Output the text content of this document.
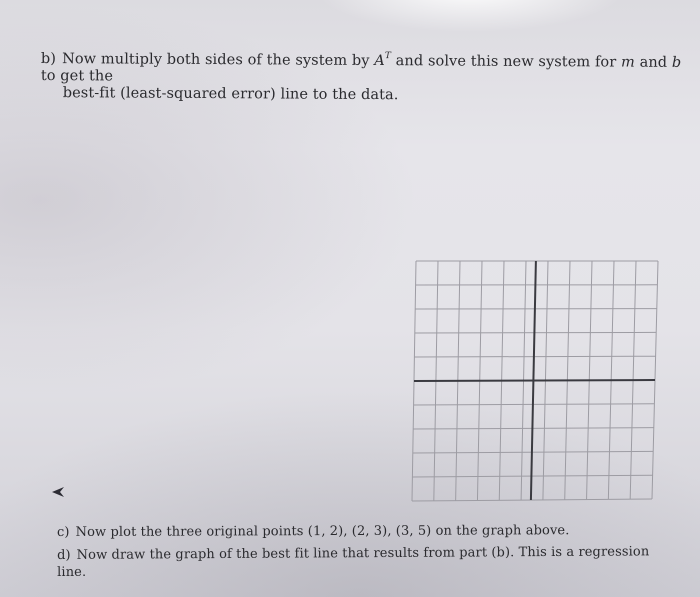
b) Now multiply both sides of the system by $A^T$ and solve this new system for m and b to get the
best-fit (least-squared error) line to the data.
c) Now plot the three original points (1, 2), (2, 3), (3, 5) on the graph above.
d) Now draw the graph of the best fit line that results from part (b). This is a regression line.
